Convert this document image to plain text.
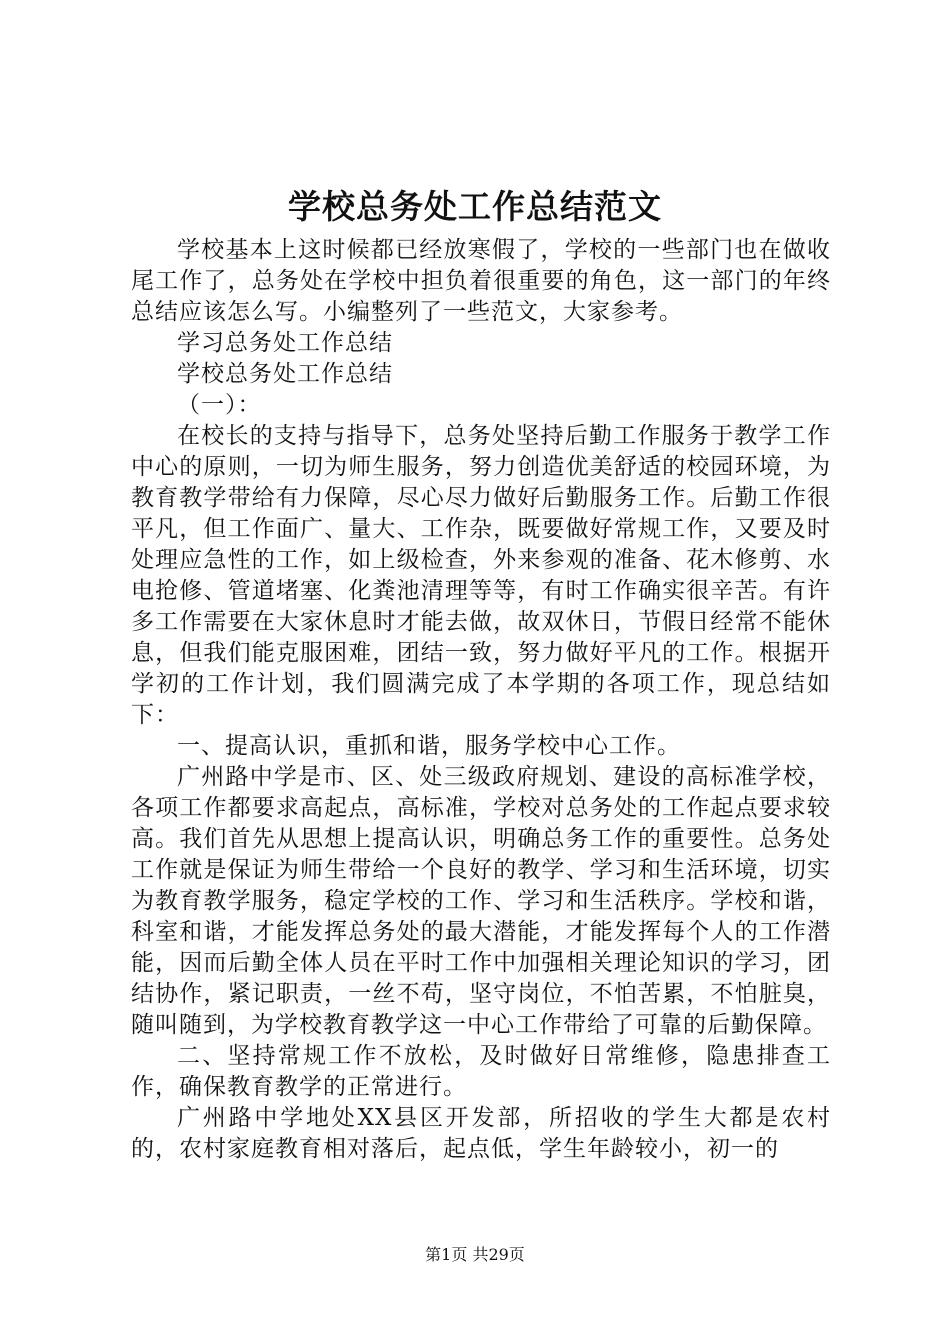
学校总务处工作总结范文

学校基本上这时候都已经放寒假了，学校的一些部门也在做收尾工作了，总务处在学校中担负着很重要的角色，这一部门的年终总结应该怎么写。小编整列了一些范文，大家参考。

学习总务处工作总结

学校总务处工作总结

（一）：

在校长的支持与指导下，总务处坚持后勤工作服务于教学工作中心的原则，一切为师生服务，努力创造优美舒适的校园环境，为教育教学带给有力保障，尽心尽力做好后勤服务工作。后勤工作很平凡，但工作面广、量大、工作杂，既要做好常规工作，又要及时处理应急性的工作，如上级检查，外来参观的准备、花木修剪、水电抢修、管道堵塞、化粪池清理等等，有时工作确实很辛苦。有许多工作需要在大家休息时才能去做，故双休日，节假日经常不能休息，但我们能克服困难，团结一致，努力做好平凡的工作。根据开学初的工作计划，我们圆满完成了本学期的各项工作，现总结如下：

一、提高认识，重抓和谐，服务学校中心工作。

广州路中学是市、区、处三级政府规划、建设的高标准学校，各项工作都要求高起点，高标准，学校对总务处的工作起点要求较高。我们首先从思想上提高认识，明确总务工作的重要性。总务处工作就是保证为师生带给一个良好的教学、学习和生活环境，切实为教育教学服务，稳定学校的工作、学习和生活秩序。学校和谐，科室和谐，才能发挥总务处的最大潜能，才能发挥每个人的工作潜能，因而后勤全体人员在平时工作中加强相关理论知识的学习，团结协作，紧记职责，一丝不苟，坚守岗位，不怕苦累，不怕脏臭，随叫随到，为学校教育教学这一中心工作带给了可靠的后勤保障。

二、坚持常规工作不放松，及时做好日常维修，隐患排查工作，确保教育教学的正常进行。

广州路中学地处XX县区开发部，所招收的学生大都是农村的，农村家庭教育相对落后，起点低，学生年龄较小，初一的

第1页 共29页
